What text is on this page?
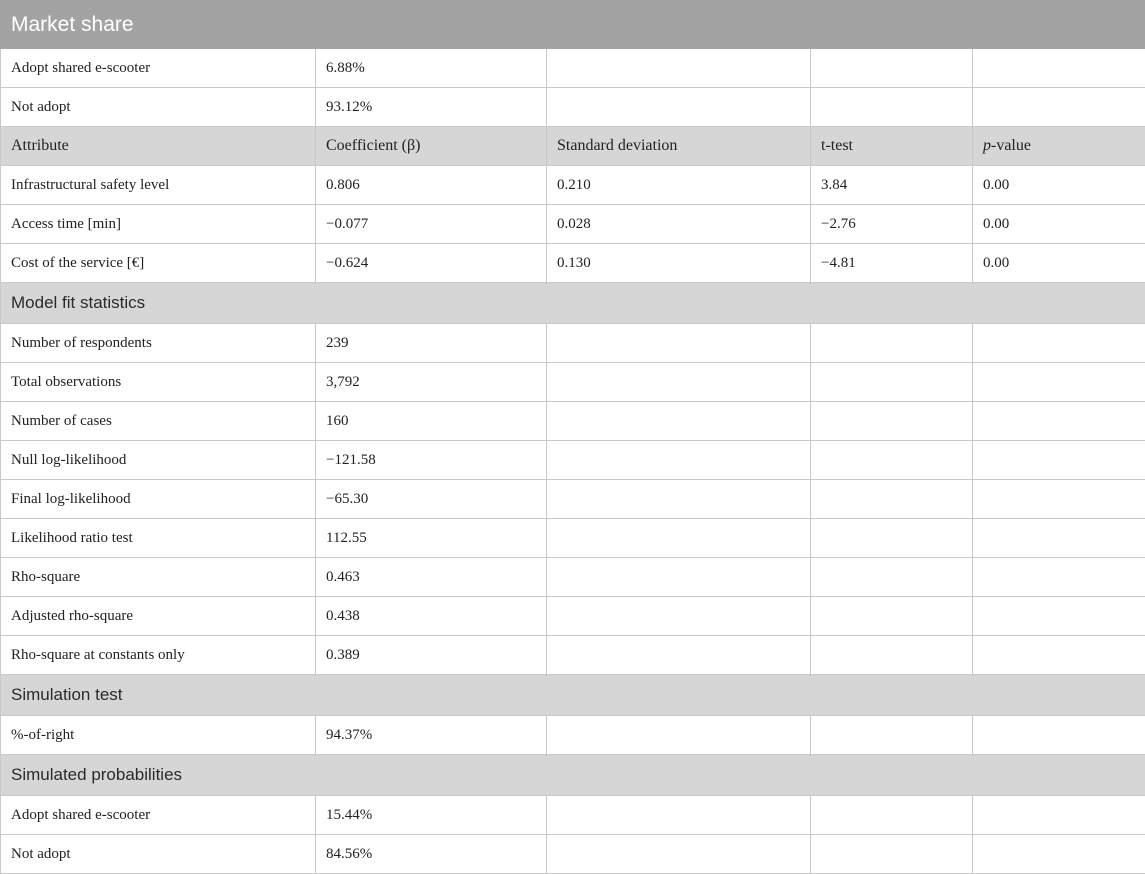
Market share				
Adopt shared e-scooter	6.88%			
Not adopt	93.12%			
Attribute	Coefficient (β)	Standard deviation	t-test	p-value
Infrastructural safety level	0.806	0.210	3.84	0.00
Access time [min]	−0.077	0.028	−2.76	0.00
Cost of the service [€]	−0.624	0.130	−4.81	0.00
Model fit statistics				
Number of respondents	239			
Total observations	3,792			
Number of cases	160			
Null log-likelihood	−121.58			
Final log-likelihood	−65.30			
Likelihood ratio test	112.55			
Rho-square	0.463			
Adjusted rho-square	0.438			
Rho-square at constants only	0.389			
Simulation test				
%-of-right	94.37%			
Simulated probabilities				
Adopt shared e-scooter	15.44%			
Not adopt	84.56%			
